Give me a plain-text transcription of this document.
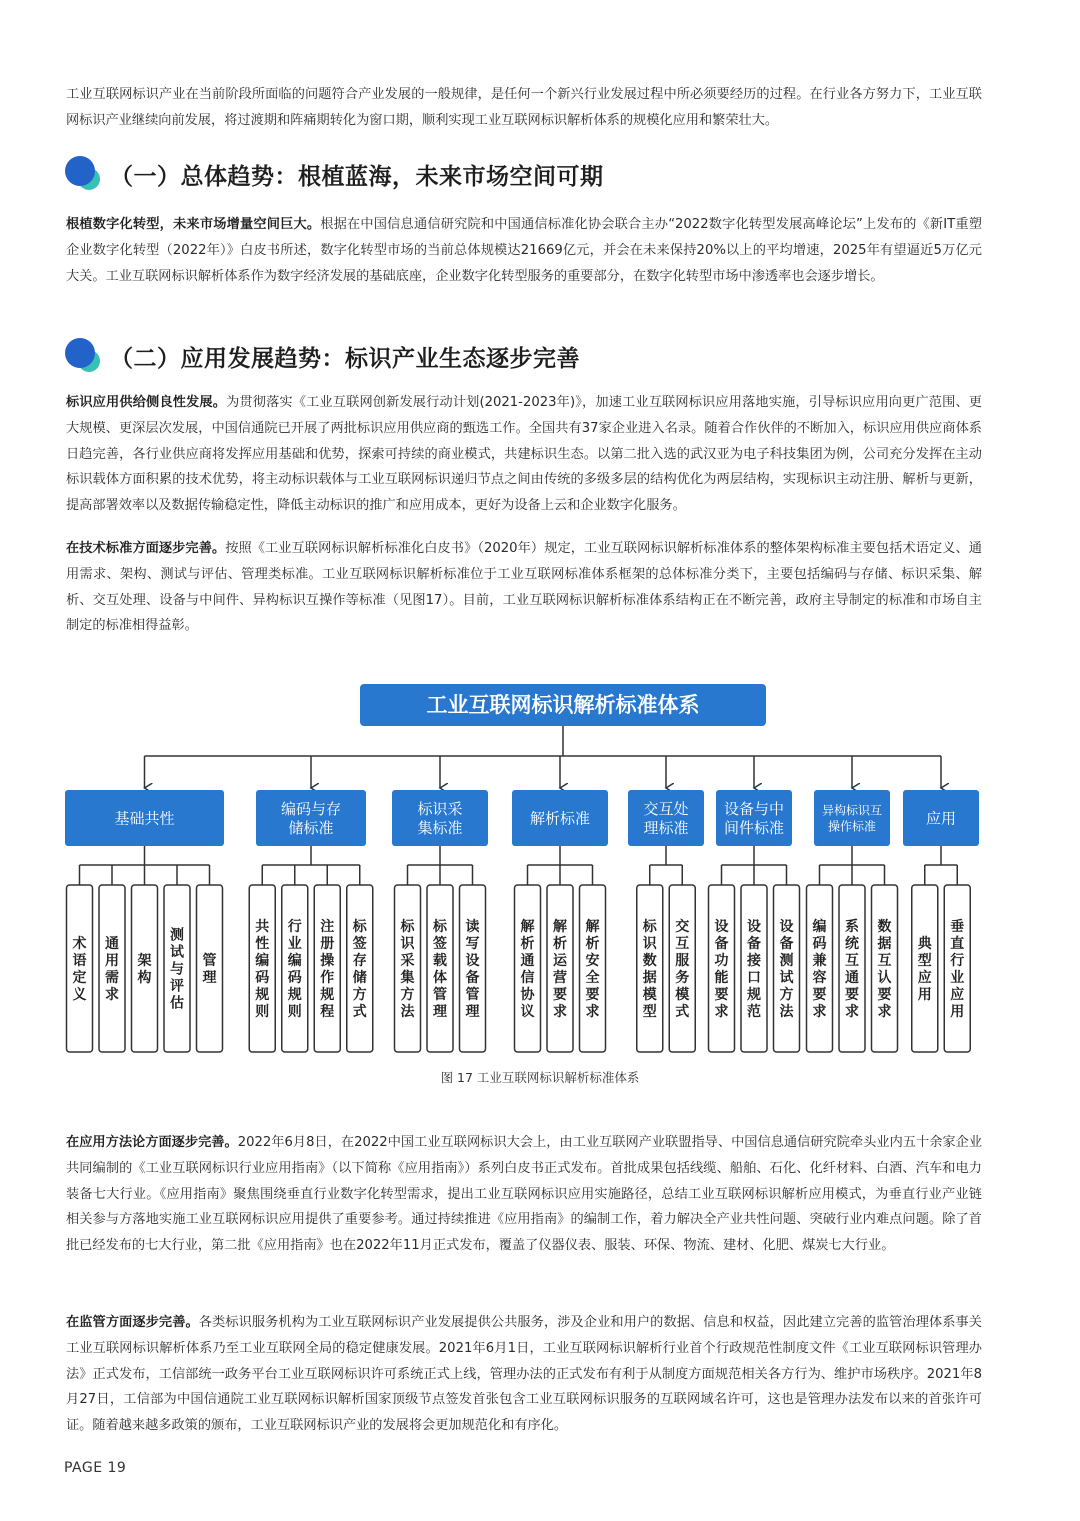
工业互联网标识产业在当前阶段所面临的问题符合产业发展的一般规律，是任何一个新兴行业发展过程中所必须要经历的过程。在行业各方努力下，工业互联网标识产业继续向前发展，将过渡期和阵痛期转化为窗口期，顺利实现工业互联网标识解析体系的规模化应用和繁荣壮大。

（一）总体趋势：根植蓝海，未来市场空间可期

根植数字化转型，未来市场增量空间巨大。根据在中国信息通信研究院和中国通信标准化协会联合主办“2022数字化转型发展高峰论坛”上发布的《新IT重塑企业数字化转型（2022年）》白皮书所述，数字化转型市场的当前总体规模达21669亿元，并会在未来保持20%以上的平均增速，2025年有望逼近5万亿元大关。工业互联网标识解析体系作为数字经济发展的基础底座，企业数字化转型服务的重要部分，在数字化转型市场中渗透率也会逐步增长。

（二）应用发展趋势：标识产业生态逐步完善

标识应用供给侧良性发展。为贯彻落实《工业互联网创新发展行动计划(2021-2023年)》，加速工业互联网标识应用落地实施，引导标识应用向更广范围、更大规模、更深层次发展，中国信通院已开展了两批标识应用供应商的甄选工作。全国共有37家企业进入名录。随着合作伙伴的不断加入，标识应用供应商体系日趋完善，各行业供应商将发挥应用基础和优势，探索可持续的商业模式，共建标识生态。以第二批入选的武汉亚为电子科技集团为例，公司充分发挥在主动标识载体方面积累的技术优势，将主动标识载体与工业互联网标识递归节点之间由传统的多级多层的结构优化为两层结构，实现标识主动注册、解析与更新，提高部署效率以及数据传输稳定性，降低主动标识的推广和应用成本，更好为设备上云和企业数字化服务。

在技术标准方面逐步完善。按照《工业互联网标识解析标准化白皮书》（2020年）规定，工业互联网标识解析标准体系的整体架构标准主要包括术语定义、通用需求、架构、测试与评估、管理类标准。工业互联网标识解析标准位于工业互联网标准体系框架的总体标准分类下，主要包括编码与存储、标识采集、解析、交互处理、设备与中间件、异构标识互操作等标准（见图17）。目前，工业互联网标识解析标准体系结构正在不断完善，政府主导制定的标准和市场自主制定的标准相得益彰。

工业互联网标识解析标准体系
基础共性
术语定义
通用需求
架构
测试与评估
管理
编码与存储标准
共性编码规则
行业编码规则
注册操作规程
标签存储方式
标识采集标准
标识采集方法
标签载体管理
读写设备管理
解析标准
解析通信协议
解析运营要求
解析安全要求
交互处理标准
标识数据模型
交互服务模式
设备与中间件标准
设备功能要求
设备接口规范
设备测试方法
异构标识互操作标准
编码兼容要求
系统互通要求
数据互认要求
应用
典型应用
垂直行业应用
图 17 工业互联网标识解析标准体系

在应用方法论方面逐步完善。2022年6月8日，在2022中国工业互联网标识大会上，由工业互联网产业联盟指导、中国信息通信研究院牵头业内五十余家企业共同编制的《工业互联网标识行业应用指南》（以下简称《应用指南》）系列白皮书正式发布。首批成果包括线缆、船舶、石化、化纤材料、白酒、汽车和电力装备七大行业。《应用指南》聚焦围绕垂直行业数字化转型需求，提出工业互联网标识应用实施路径，总结工业互联网标识解析应用模式，为垂直行业产业链相关参与方落地实施工业互联网标识应用提供了重要参考。通过持续推进《应用指南》的编制工作，着力解决全产业共性问题、突破行业内难点问题。除了首批已经发布的七大行业，第二批《应用指南》也在2022年11月正式发布，覆盖了仪器仪表、服装、环保、物流、建材、化肥、煤炭七大行业。

在监管方面逐步完善。各类标识服务机构为工业互联网标识产业发展提供公共服务，涉及企业和用户的数据、信息和权益，因此建立完善的监管治理体系事关工业互联网标识解析体系乃至工业互联网全局的稳定健康发展。2021年6月1日，工业互联网标识解析行业首个行政规范性制度文件《工业互联网标识管理办法》正式发布，工信部统一政务平台工业互联网标识许可系统正式上线，管理办法的正式发布有利于从制度方面规范相关各方行为、维护市场秩序。2021年8月27日，工信部为中国信通院工业互联网标识解析国家顶级节点签发首张包含工业互联网标识服务的互联网域名许可，这也是管理办法发布以来的首张许可证。随着越来越多政策的颁布，工业互联网标识产业的发展将会更加规范化和有序化。

PAGE 19
